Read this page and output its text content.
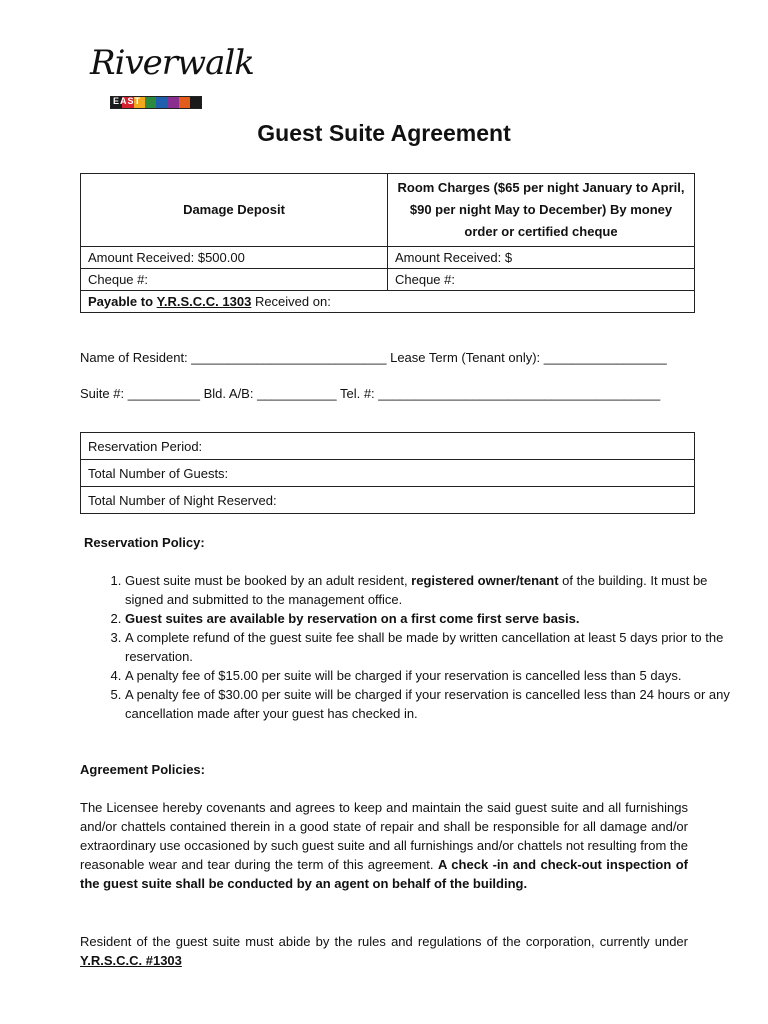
Riverwalk
EAST
Guest Suite Agreement
Damage Deposit	Room Charges ($65 per night January to April, $90 per night May to December) By money order or certified cheque
Amount Received: $500.00	Amount Received: $
Cheque #:	Cheque #:
Payable to Y.R.S.C.C. 1303 Received on:	
Name of Resident: ___________________________ Lease Term (Tenant only): _________________
Suite #: __________ Bld. A/B: ___________ Tel. #: _______________________________________
Reservation Period:
Total Number of Guests:
Total Number of Night Reserved:
Reservation Policy:
1. Guest suite must be booked by an adult resident, registered owner/tenant of the building. It must be signed and submitted to the management office.
2. Guest suites are available by reservation on a first come first serve basis.
3. A complete refund of the guest suite fee shall be made by written cancellation at least 5 days prior to the reservation.
4. A penalty fee of $15.00 per suite will be charged if your reservation is cancelled less than 5 days.
5. A penalty fee of $30.00 per suite will be charged if your reservation is cancelled less than 24 hours or any cancellation made after your guest has checked in.
Agreement Policies:

The Licensee hereby covenants and agrees to keep and maintain the said guest suite and all furnishings and/or chattels contained therein in a good state of repair and shall be responsible for all damage and/or extraordinary use occasioned by such guest suite and all furnishings and/or chattels not resulting from the reasonable wear and tear during the term of this agreement. A check -in and check-out inspection of the guest suite shall be conducted by an agent on behalf of the building.

Resident of the guest suite must abide by the rules and regulations of the corporation, currently under Y.R.S.C.C. #1303
